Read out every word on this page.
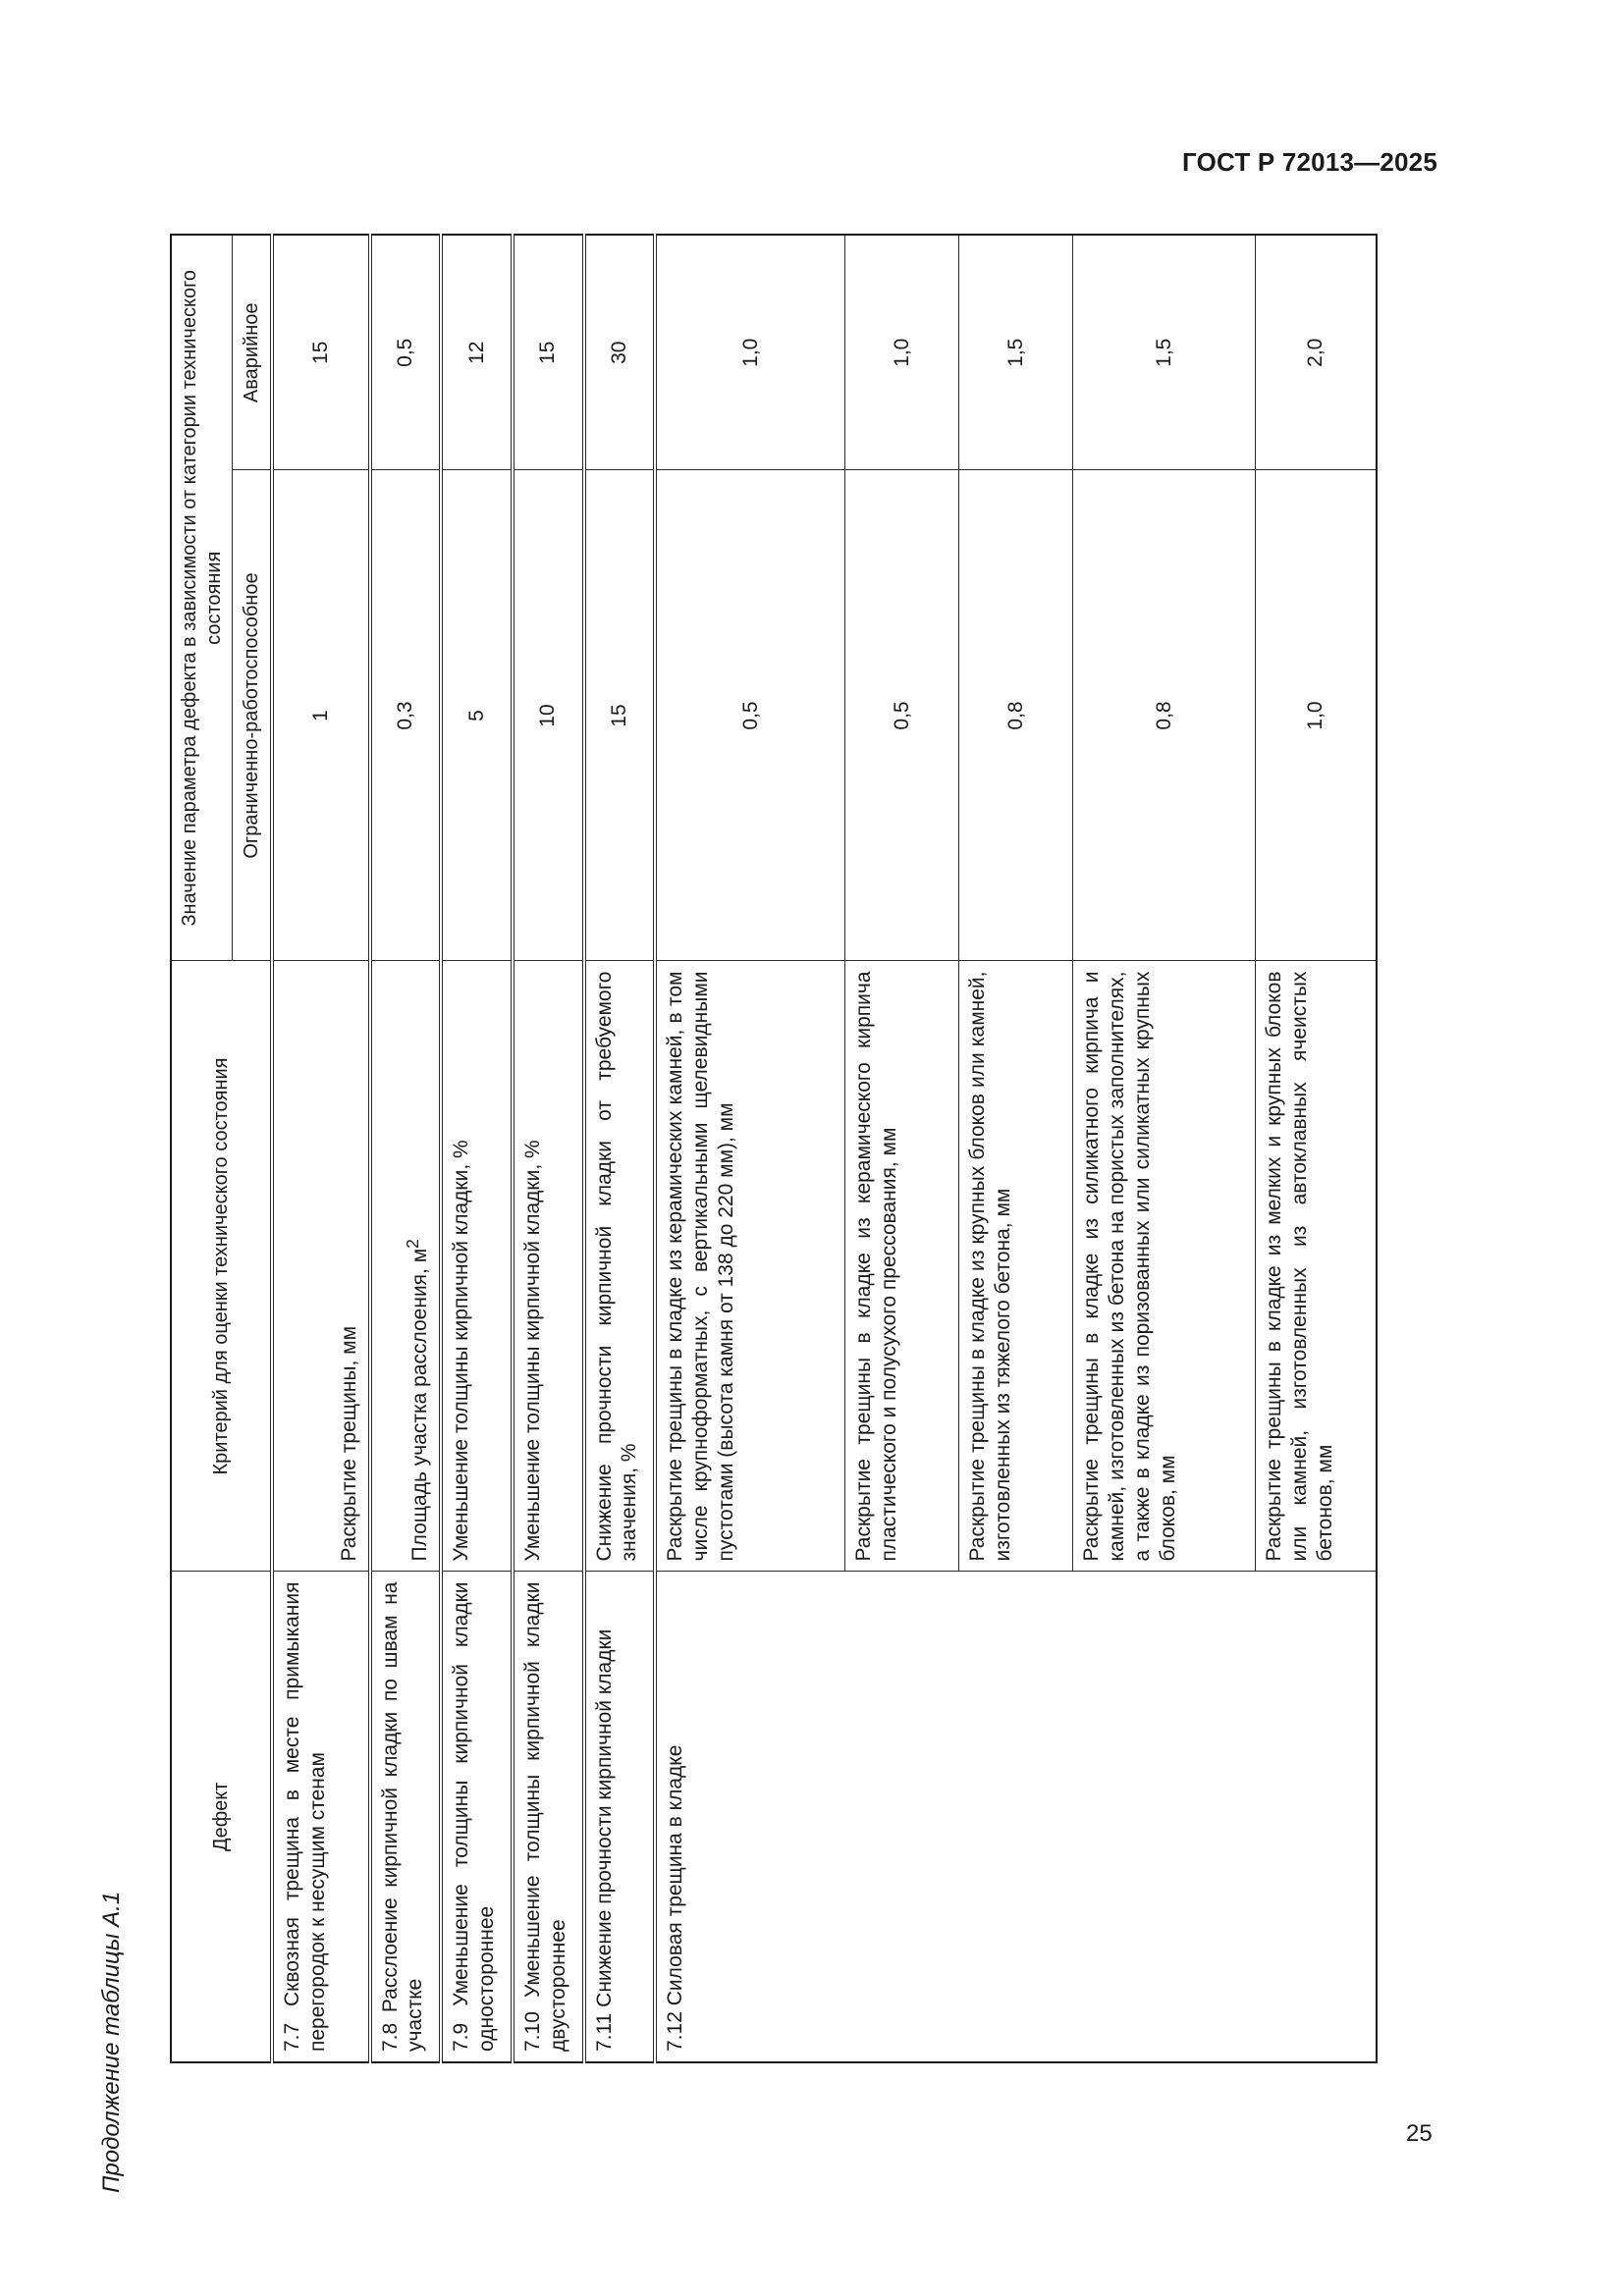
ГОСТ Р 72013—2025
Продолжение таблицы А.1
Дефект	Критерий для оценки технического состояния	Значение параметра дефекта в зависимости от категории технического состояния	
		Ограниченно-работоспособное	Аварийное
7.7 Сквозная трещина в месте примыкания перегородок к несущим стенам	Раскрытие трещины, мм	1	15
7.8 Расслоение кирпичной кладки по швам на участке	Площадь участка расслоения, $м^2$	0,3	0,5
7.9 Уменьшение толщины кирпичной кладки одностороннее	Уменьшение толщины кирпичной кладки, %	5	12
7.10 Уменьшение толщины кирпичной кладки двустороннее	Уменьшение толщины кирпичной кладки, %	10	15
7.11 Снижение прочности кирпичной кладки	Снижение прочности кирпичной кладки от требуемого значения, %	15	30
7.12 Силовая трещина в кладке	Раскрытие трещины в кладке из керамических камней, в том числе крупноформатных, с вертикальными щелевидными пустотами (высота камня от 138 до 220 мм), мм	0,5	1,0
	Раскрытие трещины в кладке из керамического кирпича пластического и полусухого прессования, мм	0,5	1,0
	Раскрытие трещины в кладке из крупных блоков или камней, изготовленных из тяжелого бетона, мм	0,8	1,5
	Раскрытие трещины в кладке из силикатного кирпича и камней, изготовленных из бетона на пористых заполнителях, а также в кладке из поризованных или силикатных крупных блоков, мм	0,8	1,5
	Раскрытие трещины в кладке из мелких и крупных блоков или камней, изготовленных из автоклавных ячеистых бетонов, мм	1,0	2,0
25
